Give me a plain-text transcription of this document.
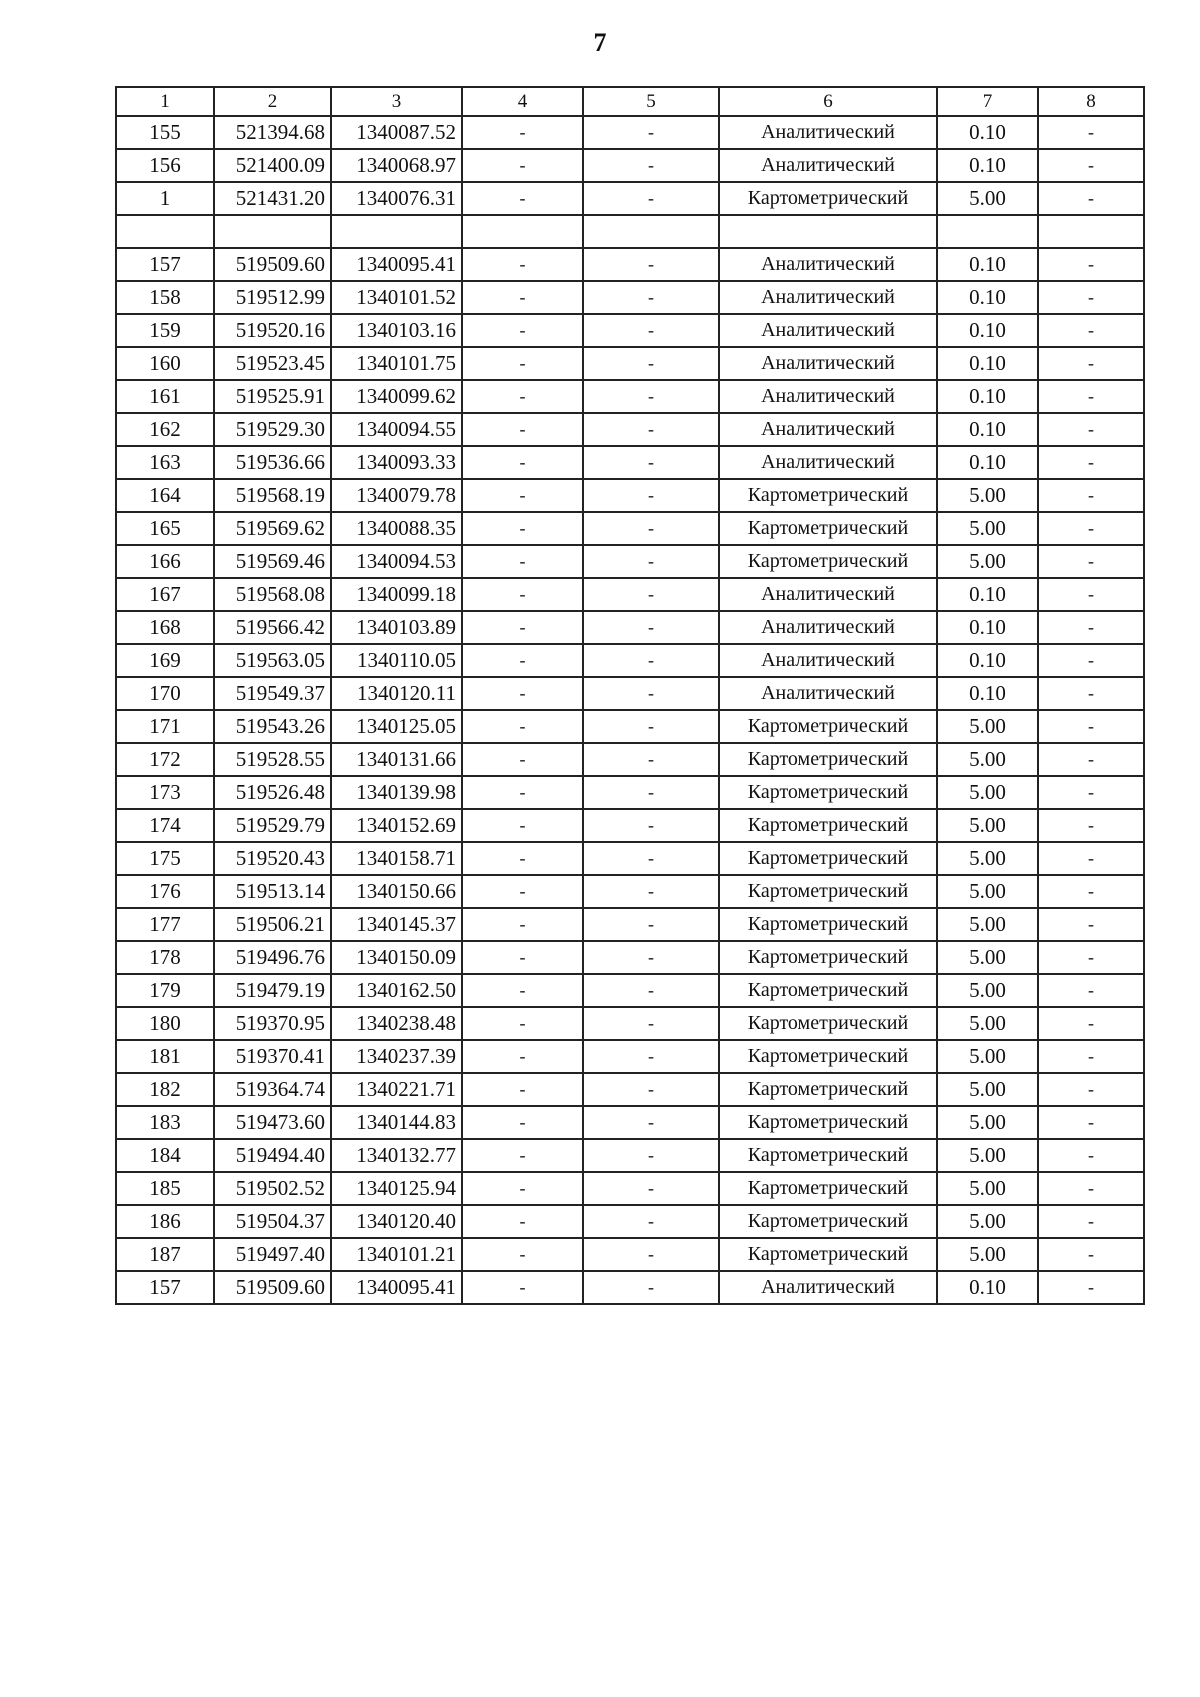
7
1	2	3	4	5	6	7	8
155	521394.68	1340087.52	-	-	Аналитический	0.10	-
156	521400.09	1340068.97	-	-	Аналитический	0.10	-
1	521431.20	1340076.31	-	-	Картометрический	5.00	-

157	519509.60	1340095.41	-	-	Аналитический	0.10	-
158	519512.99	1340101.52	-	-	Аналитический	0.10	-
159	519520.16	1340103.16	-	-	Аналитический	0.10	-
160	519523.45	1340101.75	-	-	Аналитический	0.10	-
161	519525.91	1340099.62	-	-	Аналитический	0.10	-
162	519529.30	1340094.55	-	-	Аналитический	0.10	-
163	519536.66	1340093.33	-	-	Аналитический	0.10	-
164	519568.19	1340079.78	-	-	Картометрический	5.00	-
165	519569.62	1340088.35	-	-	Картометрический	5.00	-
166	519569.46	1340094.53	-	-	Картометрический	5.00	-
167	519568.08	1340099.18	-	-	Аналитический	0.10	-
168	519566.42	1340103.89	-	-	Аналитический	0.10	-
169	519563.05	1340110.05	-	-	Аналитический	0.10	-
170	519549.37	1340120.11	-	-	Аналитический	0.10	-
171	519543.26	1340125.05	-	-	Картометрический	5.00	-
172	519528.55	1340131.66	-	-	Картометрический	5.00	-
173	519526.48	1340139.98	-	-	Картометрический	5.00	-
174	519529.79	1340152.69	-	-	Картометрический	5.00	-
175	519520.43	1340158.71	-	-	Картометрический	5.00	-
176	519513.14	1340150.66	-	-	Картометрический	5.00	-
177	519506.21	1340145.37	-	-	Картометрический	5.00	-
178	519496.76	1340150.09	-	-	Картометрический	5.00	-
179	519479.19	1340162.50	-	-	Картометрический	5.00	-
180	519370.95	1340238.48	-	-	Картометрический	5.00	-
181	519370.41	1340237.39	-	-	Картометрический	5.00	-
182	519364.74	1340221.71	-	-	Картометрический	5.00	-
183	519473.60	1340144.83	-	-	Картометрический	5.00	-
184	519494.40	1340132.77	-	-	Картометрический	5.00	-
185	519502.52	1340125.94	-	-	Картометрический	5.00	-
186	519504.37	1340120.40	-	-	Картометрический	5.00	-
187	519497.40	1340101.21	-	-	Картометрический	5.00	-
157	519509.60	1340095.41	-	-	Аналитический	0.10	-
